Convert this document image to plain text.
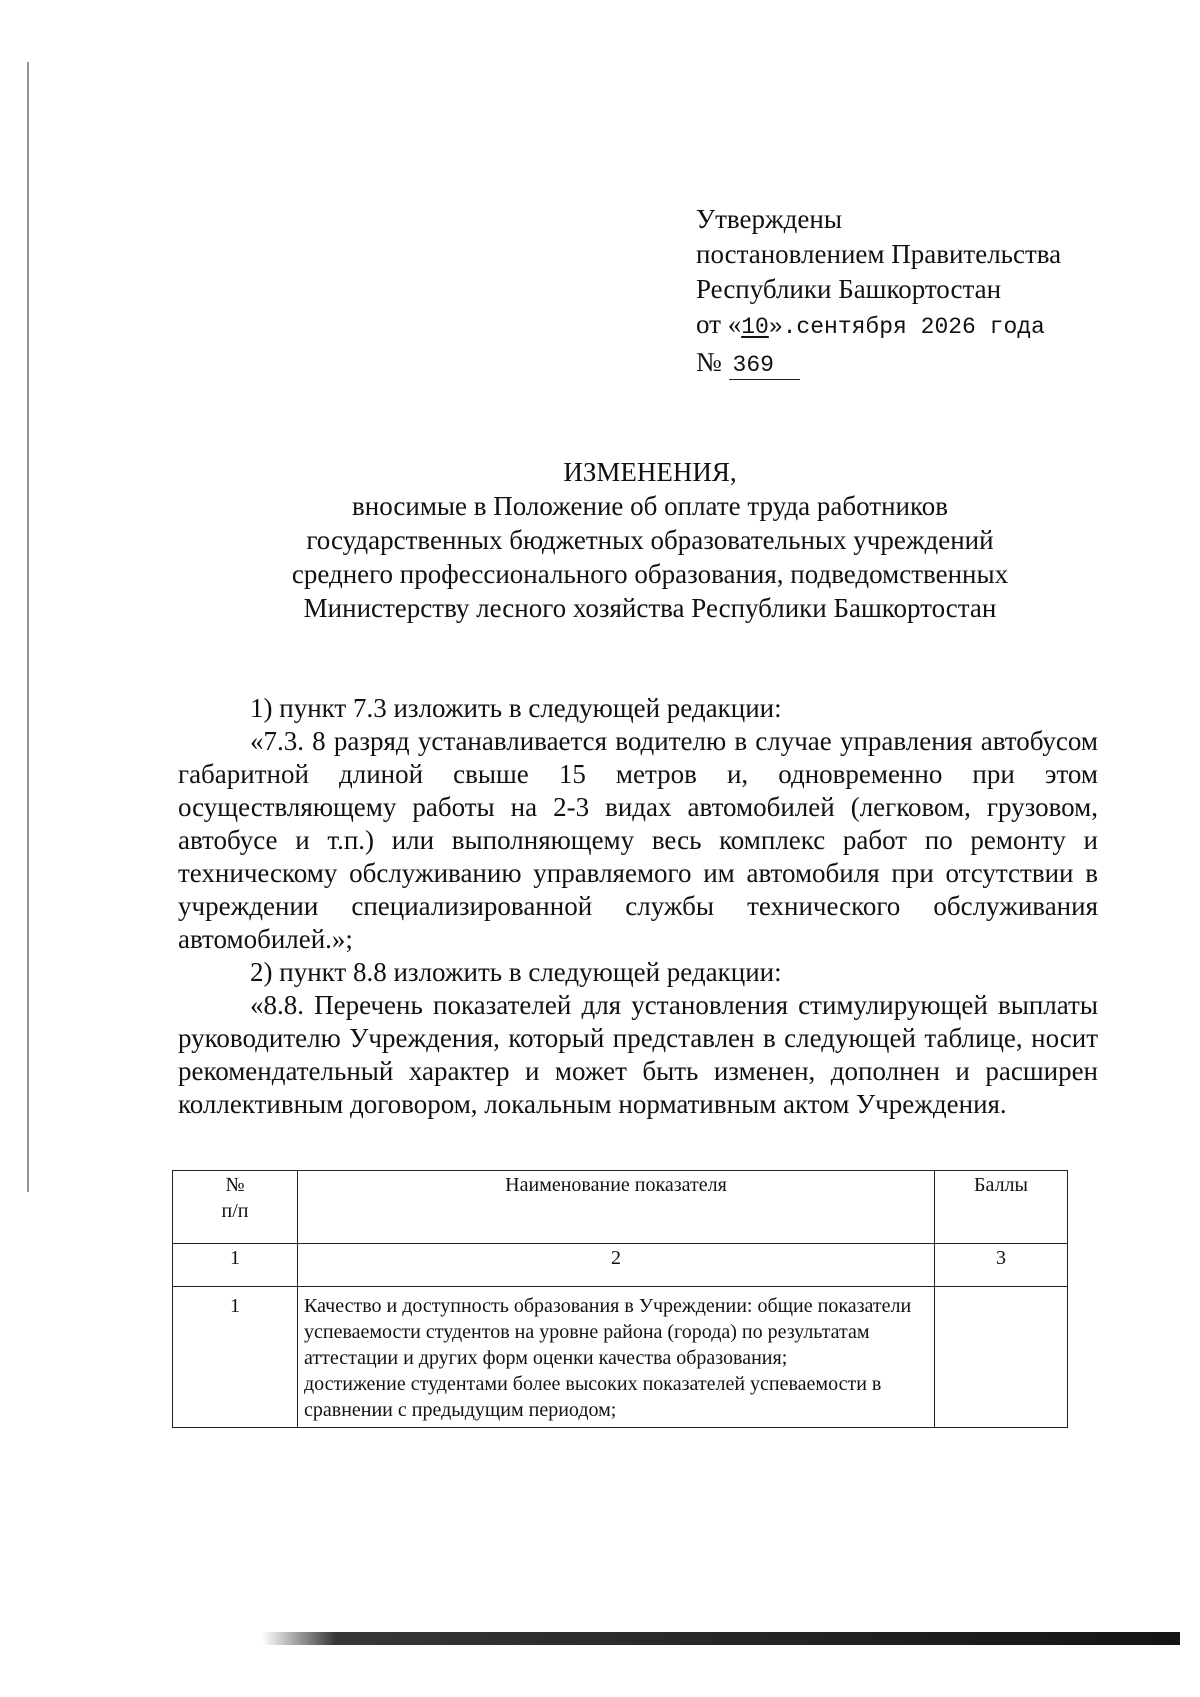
Утверждены
постановлением Правительства
Республики Башкортостан
от «10».сентября 2026 года
№ 369
ИЗМЕНЕНИЯ,
вносимые в Положение об оплате труда работников
государственных бюджетных образовательных учреждений
среднего профессионального образования, подведомственных
Министерству лесного хозяйства Республики Башкортостан

1) пункт 7.3 изложить в следующей редакции:

«7.3. 8 разряд устанавливается водителю в случае управления автобусом габаритной длиной свыше 15 метров и, одновременно при этом осуществляющему работы на 2-3 видах автомобилей (легковом, грузовом, автобусе и т.п.) или выполняющему весь комплекс работ по ремонту и техническому обслуживанию управляемого им автомобиля при отсутствии в учреждении специализированной службы технического обслуживания автомобилей.»;

2) пункт 8.8 изложить в следующей редакции:

«8.8. Перечень показателей для установления стимулирующей выплаты руководителю Учреждения, который представлен в следующей таблице, носит рекомендательный характер и может быть изменен, дополнен и расширен коллективным договором, локальным нормативным актом Учреждения.

№
п/п	Наименование показателя	Баллы
1	2	3
1	Качество и доступность образования в Учреждении: общие показатели успеваемости студентов на уровне района (города) по результатам аттестации и других форм оценки качества образования;
достижение студентами более высоких показателей успеваемости в сравнении с предыдущим периодом;	
